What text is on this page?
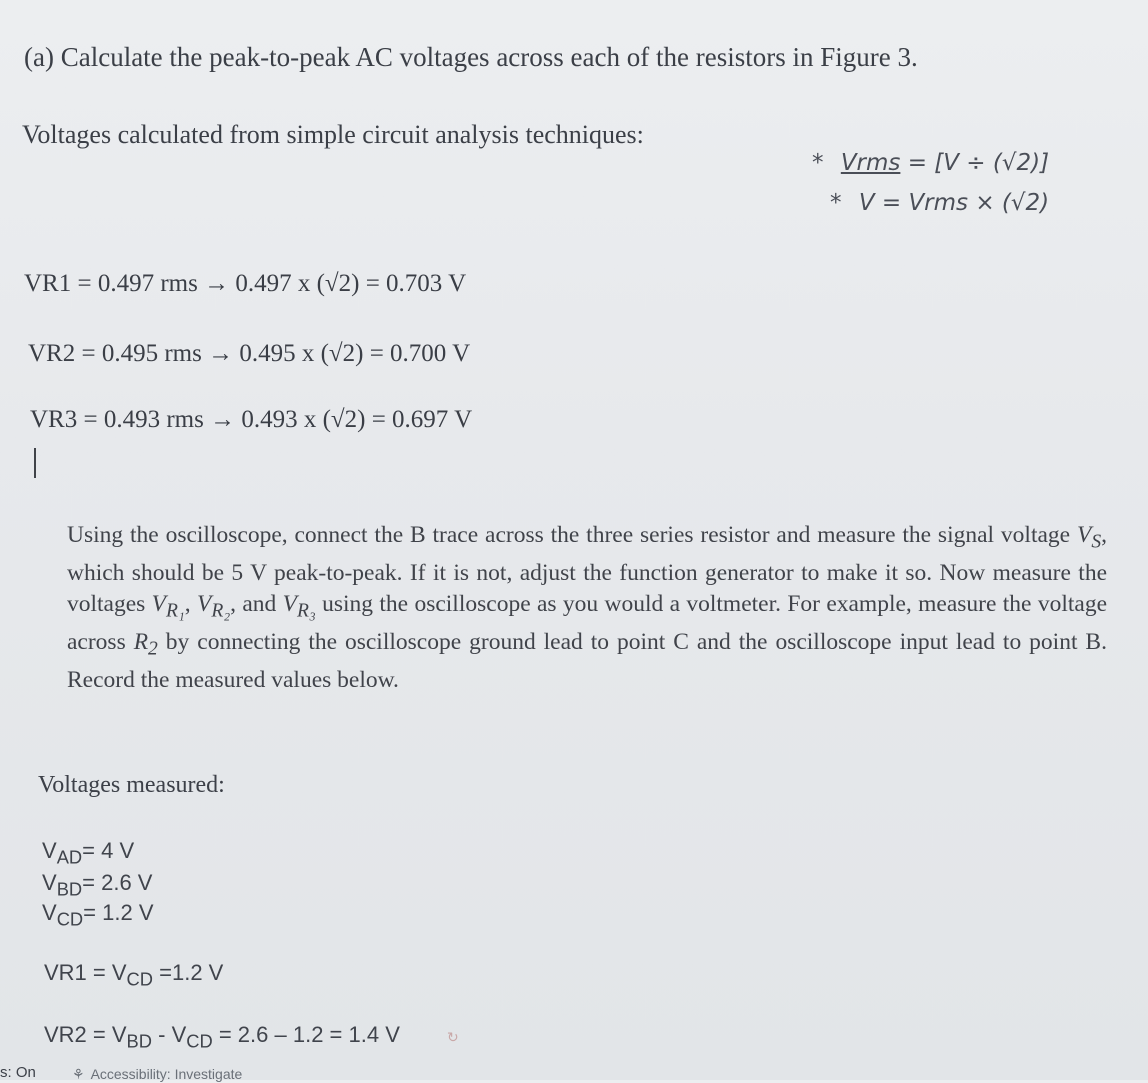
(a) Calculate the peak-to-peak AC voltages across each of the resistors in Figure 3.
Voltages calculated from simple circuit analysis techniques:
* Vrms = [V ÷ (√2)]
* V = Vrms × (√2)
VR1 = 0.497 rms → 0.497 x (√2) = 0.703 V
VR2 = 0.495 rms → 0.495 x (√2) = 0.700 V
VR3 = 0.493 rms → 0.493 x (√2) = 0.697 V
Using the oscilloscope, connect the B trace across the three series resistor and measure the signal voltage $V_S$, which should be 5 V peak-to-peak. If it is not, adjust the function generator to make it so. Now measure the voltages $V_{R_1}$, $V_{R_2}$, and $V_{R_3}$ using the oscilloscope as you would a voltmeter. For example, measure the voltage across $R_2$ by connecting the oscilloscope ground lead to point C and the oscilloscope input lead to point B. Record the measured values below.
Voltages measured:
$V_{AD}= 4$ V
$V_{BD}= 2.6$ V
$V_{CD}= 1.2$ V
$VR1 = V_{CD} =1.2$ V
$VR2 = V_{BD} - V_{CD} = 2.6 - 1.2 = 1.4$ V	↻
s: On	⚘ Accessibility: Investigate
